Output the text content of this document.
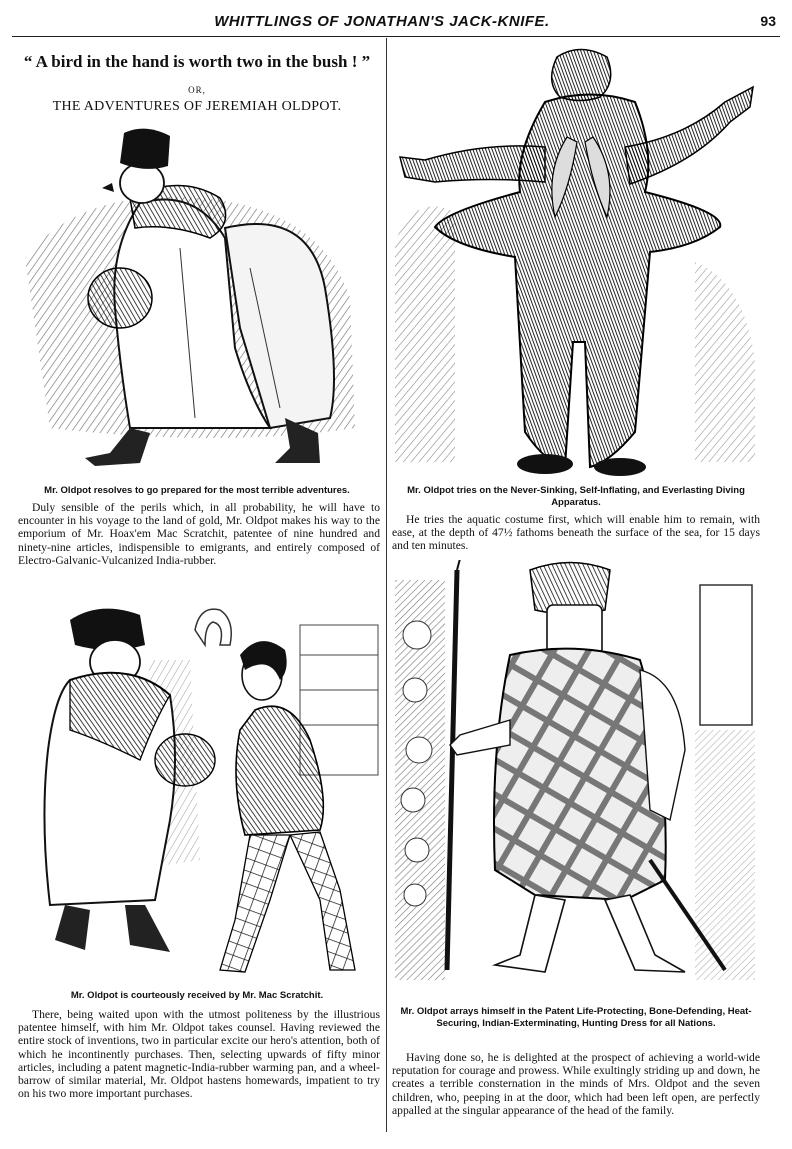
WHITTLINGS OF JONATHAN'S JACK-KNIFE.	93
“ A bird in the hand is worth two in the bush ! ”
OR,
THE ADVENTURES OF JEREMIAH OLDPOT.
Mr. Oldpot resolves to go prepared for the most terrible adventures.

Duly sensible of the perils which, in all probability, he will have to encounter in his voyage to the land of gold, Mr. Oldpot makes his way to the emporium of Mr. Hoax'em Mac Scratchit, patentee of nine hundred and ninety-nine articles, indispensible to emigrants, and entirely composed of Electro-Galvanic-Vulcanized India-rubber.

Mr. Oldpot tries on the Never-Sinking, Self-Inflating, and Everlasting Diving Apparatus.

He tries the aquatic costume first, which will enable him to remain, with ease, at the depth of 47½ fathoms beneath the surface of the sea, for 15 days and ten minutes.

Mr. Oldpot is courteously received by Mr. Mac Scratchit.

There, being waited upon with the utmost politeness by the illustrious patentee himself, with him Mr. Oldpot takes counsel. Having reviewed the entire stock of inventions, two in particular excite our hero's attention, both of which he incontinently purchases. Then, selecting upwards of fifty minor articles, including a patent magnetic-India-rubber warming pan, and a wheel-barrow of similar material, Mr. Oldpot hastens homewards, impatient to try on his two more important purchases.

Mr. Oldpot arrays himself in the Patent Life-Protecting, Bone-Defending, Heat-Securing, Indian-Exterminating, Hunting Dress for all Nations.

Having done so, he is delighted at the prospect of achieving a world-wide reputation for courage and prowess. While exultingly striding up and down, he creates a terrible consternation in the minds of Mrs. Oldpot and the seven children, who, peeping in at the door, which had been left open, are perfectly appalled at the singular appearance of the head of the family.
